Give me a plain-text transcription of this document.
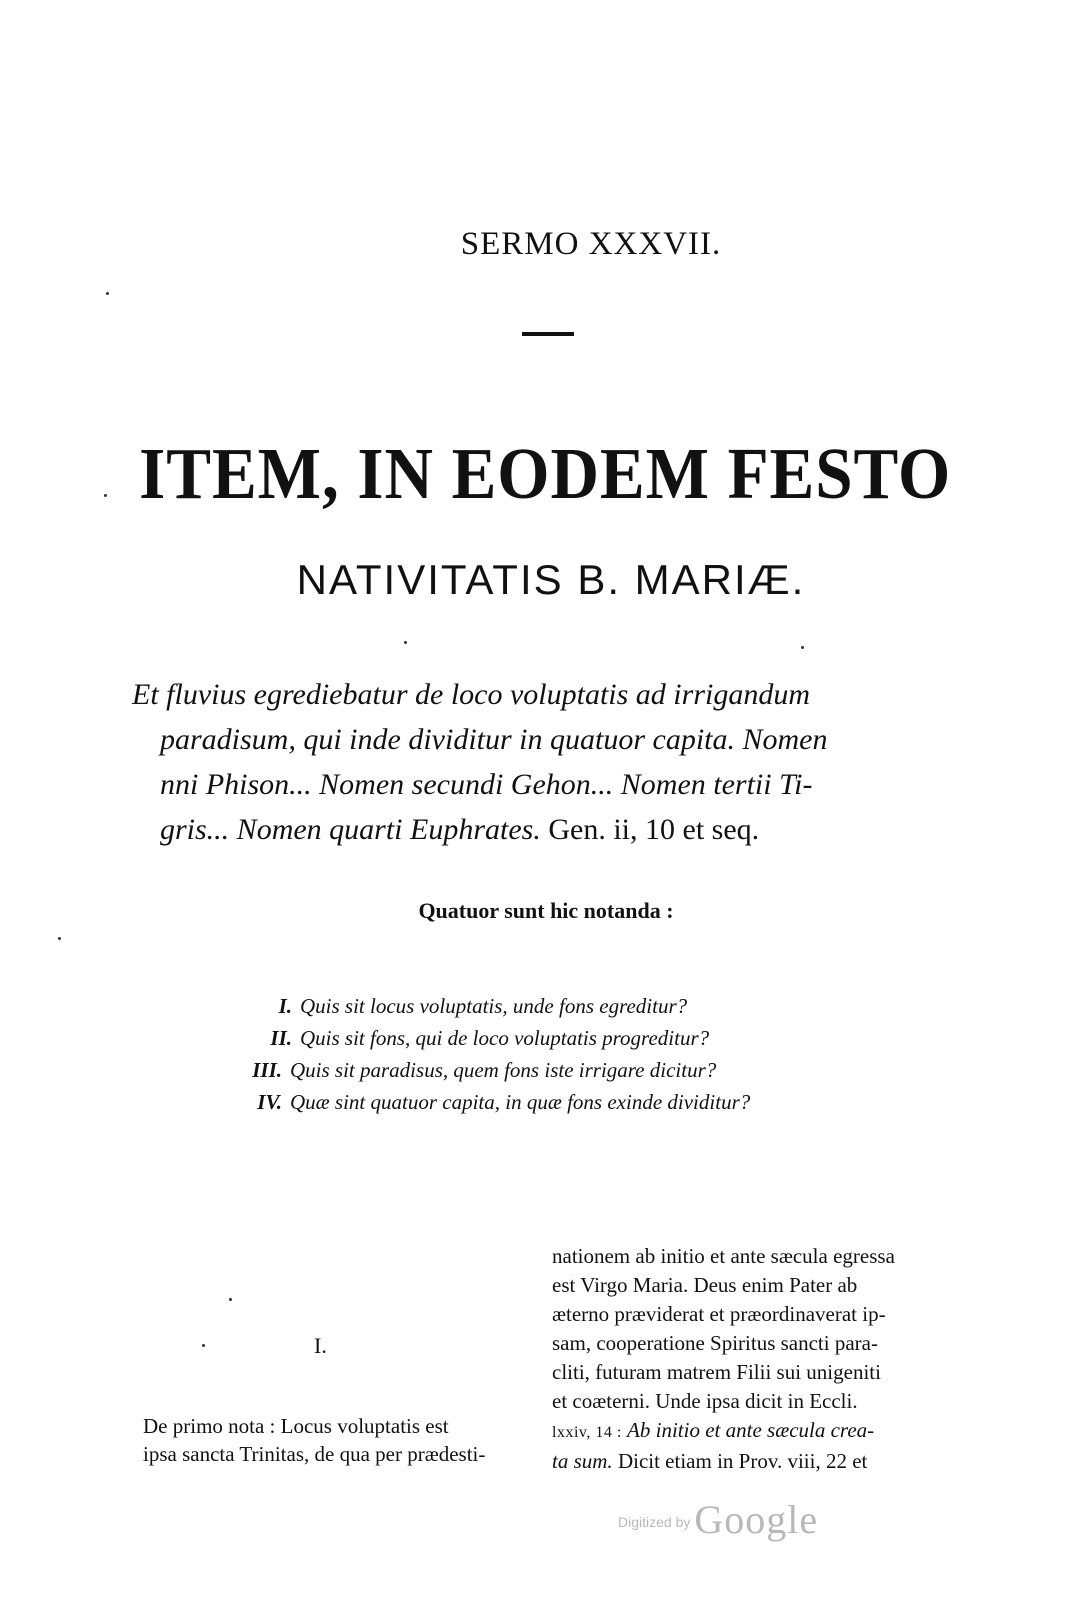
SERMO XXXVII.
ITEM, IN EODEM FESTO
NATIVITATIS B. MARIÆ.
Et fluvius egrediebatur de loco voluptatis ad irrigandum
paradisum, qui inde dividitur in quatuor capita. Nomen
nni Phison... Nomen secundi Gehon... Nomen tertii Ti-
gris... Nomen quarti Euphrates. Gen. ii, 10 et seq.
Quatuor sunt hic notanda :
I. Quis sit locus voluptatis, unde fons egreditur?
II. Quis sit fons, qui de loco voluptatis progreditur?
III. Quis sit paradisus, quem fons iste irrigare dicitur?
IV. Quæ sint quatuor capita, in quæ fons exinde dividitur?
I.
De primo nota : Locus voluptatis est
ipsa sancta Trinitas, de qua per prædesti-
nationem ab initio et ante sæcula egressa
est Virgo Maria. Deus enim Pater ab
æterno præviderat et præordinaverat ip-
sam, cooperatione Spiritus sancti para-
cliti, futuram matrem Filii sui unigeniti
et coæterni. Unde ipsa dicit in Eccli.
lxxiv, 14 : Ab initio et ante sæcula crea-
ta sum. Dicit etiam in Prov. viii, 22 et
Digitized by Google
